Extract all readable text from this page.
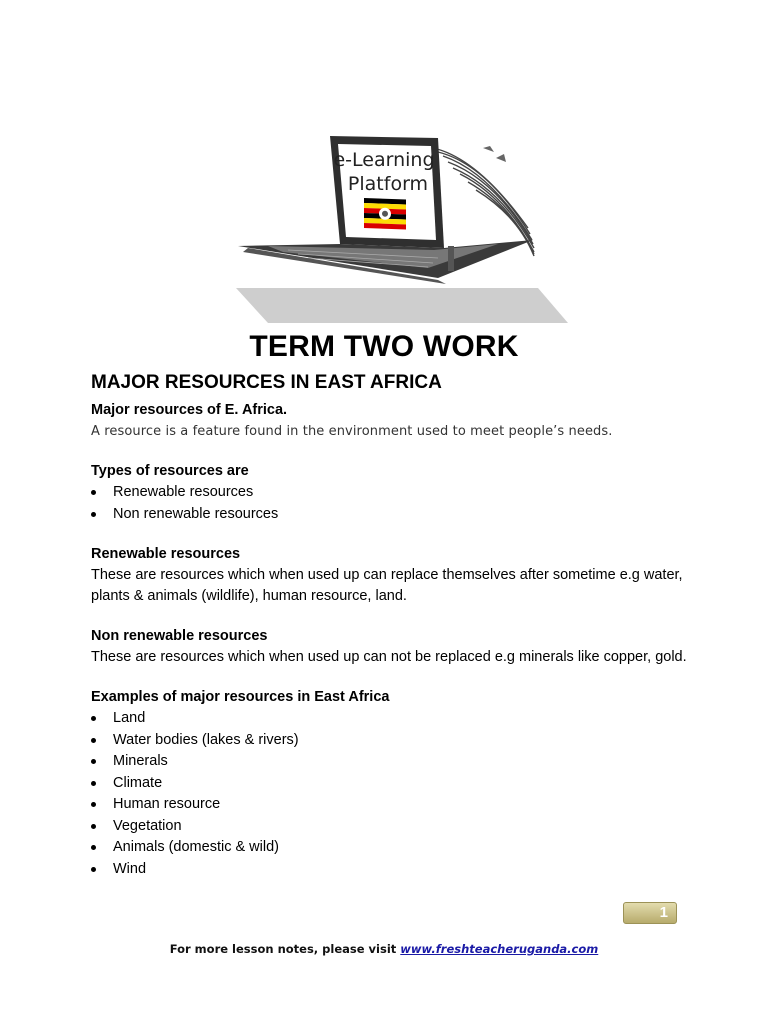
e-Learning
Platform
TERM TWO WORK
MAJOR RESOURCES IN EAST AFRICA
Major resources of E. Africa.
A resource is a feature found in the environment used to meet people’s needs.
Types of resources are
Renewable resources
Non renewable resources
Renewable resources
These are resources which when used up can replace themselves after sometime e.g water, plants & animals (wildlife), human resource, land.
Non renewable resources
These are resources which when used up can not be replaced e.g minerals like copper, gold.
Examples of major resources in East Africa
Land
Water bodies (lakes & rivers)
Minerals
Climate
Human resource
Vegetation
Animals (domestic & wild)
Wind
1
For more lesson notes, please visit www.freshteacheruganda.com
